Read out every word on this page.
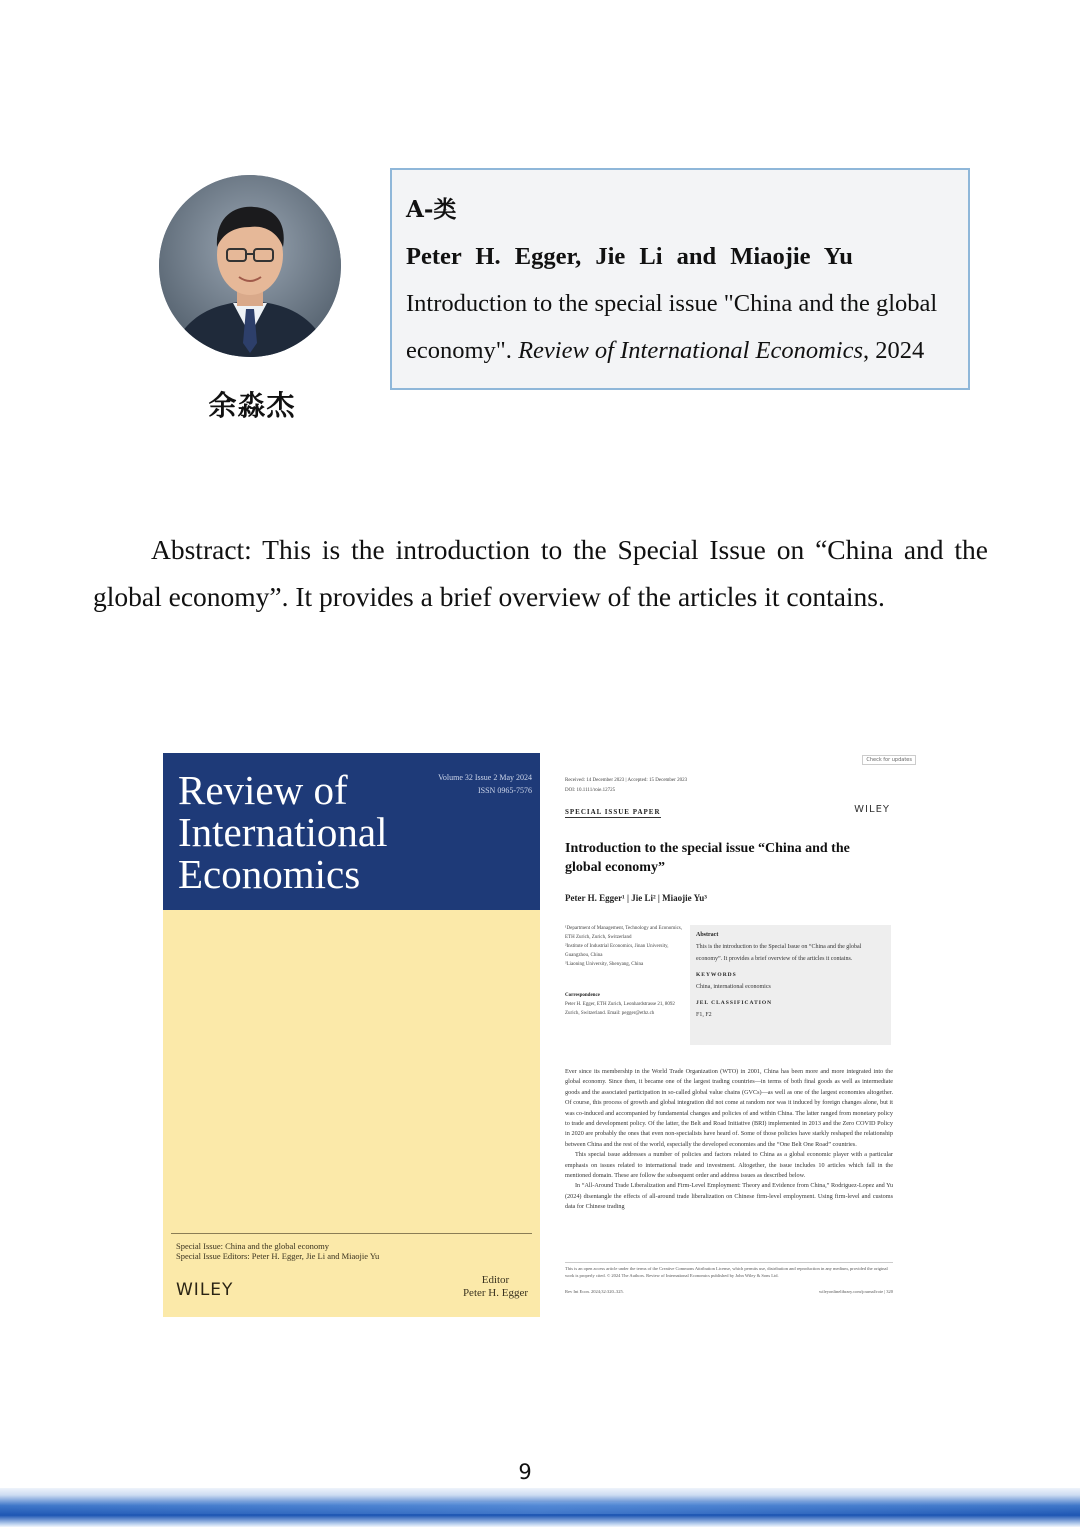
余淼杰
A-类
Peter H. Egger, Jie Li and Miaojie Yu
Introduction to the special issue "China and the global
economy". Review of International Economics, 2024
Abstract: This is the introduction to the Special Issue on “China and the global economy”. It provides a brief overview of the articles it contains.
Review of
International
Economics
Volume 32 Issue 2 May 2024
ISSN 0965-7576
Special Issue: China and the global economy
Special Issue Editors: Peter H. Egger, Jie Li and Miaojie Yu
WILEY	Editor
Peter H. Egger
Check for updates
Received: 14 December 2023 | Accepted: 15 December 2023
DOI: 10.1111/roie.12725
SPECIAL ISSUE PAPER	WILEY
Introduction to the special issue “China and the global economy”
Peter H. Egger¹ | Jie Li² | Miaojie Yu³
¹Department of Management, Technology and Economics, ETH Zurich, Zurich, Switzerland
²Institute of Industrial Economics, Jinan University, Guangzhou, China
³Liaoning University, Shenyang, China
Correspondence
Peter H. Egger, ETH Zurich, Leonhardstrasse 21, 8092 Zurich, Switzerland. Email: pegger@ethz.ch
Abstract
This is the introduction to the Special Issue on “China and the global economy”. It provides a brief overview of the articles it contains.
KEYWORDS
China, international economics
JEL CLASSIFICATION
F1, F2

Ever since its membership in the World Trade Organization (WTO) in 2001, China has been more and more integrated into the global economy. Since then, it became one of the largest trading countries—in terms of both final goods as well as intermediate goods and the associated participation in so-called global value chains (GVCs)—as well as one of the largest economies altogether. Of course, this process of growth and global integration did not come at random nor was it induced by foreign changes alone, but it was co-induced and accompanied by fundamental changes and policies of and within China. The latter ranged from monetary policy to trade and development policy. Of the latter, the Belt and Road Initiative (BRI) implemented in 2013 and the Zero COVID Policy in 2020 are probably the ones that even non-specialists have heard of. Some of those policies have starkly reshaped the relationship between China and the rest of the world, especially the developed economies and the “One Belt One Road” countries.

This special issue addresses a number of policies and factors related to China as a global economic player with a particular emphasis on issues related to international trade and investment. Altogether, the issue includes 10 articles which fall in the mentioned domain. These are follow the subsequent order and address issues as described below.

In “All-Around Trade Liberalization and Firm-Level Employment: Theory and Evidence from China,” Rodriguez-Lopez and Yu (2024) disentangle the effects of all-around trade liberalization on Chinese firm-level employment. Using firm-level and customs data for Chinese trading

This is an open access article under the terms of the Creative Commons Attribution License, which permits use, distribution and reproduction in any medium, provided the original work is properly cited. © 2024 The Authors. Review of International Economics published by John Wiley & Sons Ltd.
Rev Int Econ. 2024;32:320–325.	wileyonlinelibrary.com/journal/roie | 320
9
